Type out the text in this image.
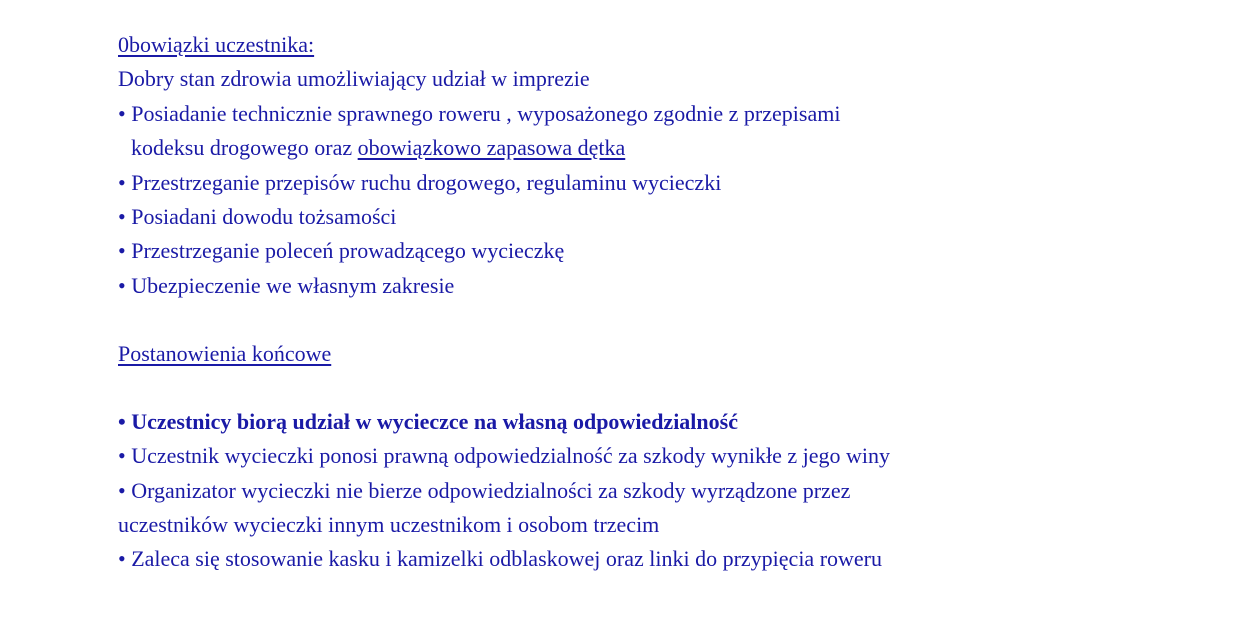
0bowiązki uczestnika:
Dobry stan zdrowia umożliwiający udział w imprezie
• Posiadanie technicznie sprawnego roweru , wyposażonego zgodnie z przepisami
kodeksu drogowego oraz obowiązkowo zapasowa dętka
• Przestrzeganie przepisów ruchu drogowego, regulaminu wycieczki
• Posiadani dowodu tożsamości
• Przestrzeganie poleceń prowadzącego wycieczkę
• Ubezpieczenie we własnym zakresie
Postanowienia końcowe
• Uczestnicy biorą udział w wycieczce na własną odpowiedzialność
• Uczestnik wycieczki ponosi prawną odpowiedzialność za szkody wynikłe z jego winy
• Organizator wycieczki nie bierze odpowiedzialności za szkody wyrządzone przez
uczestników wycieczki innym uczestnikom i osobom trzecim
• Zaleca się stosowanie kasku i kamizelki odblaskowej oraz linki do przypięcia roweru
